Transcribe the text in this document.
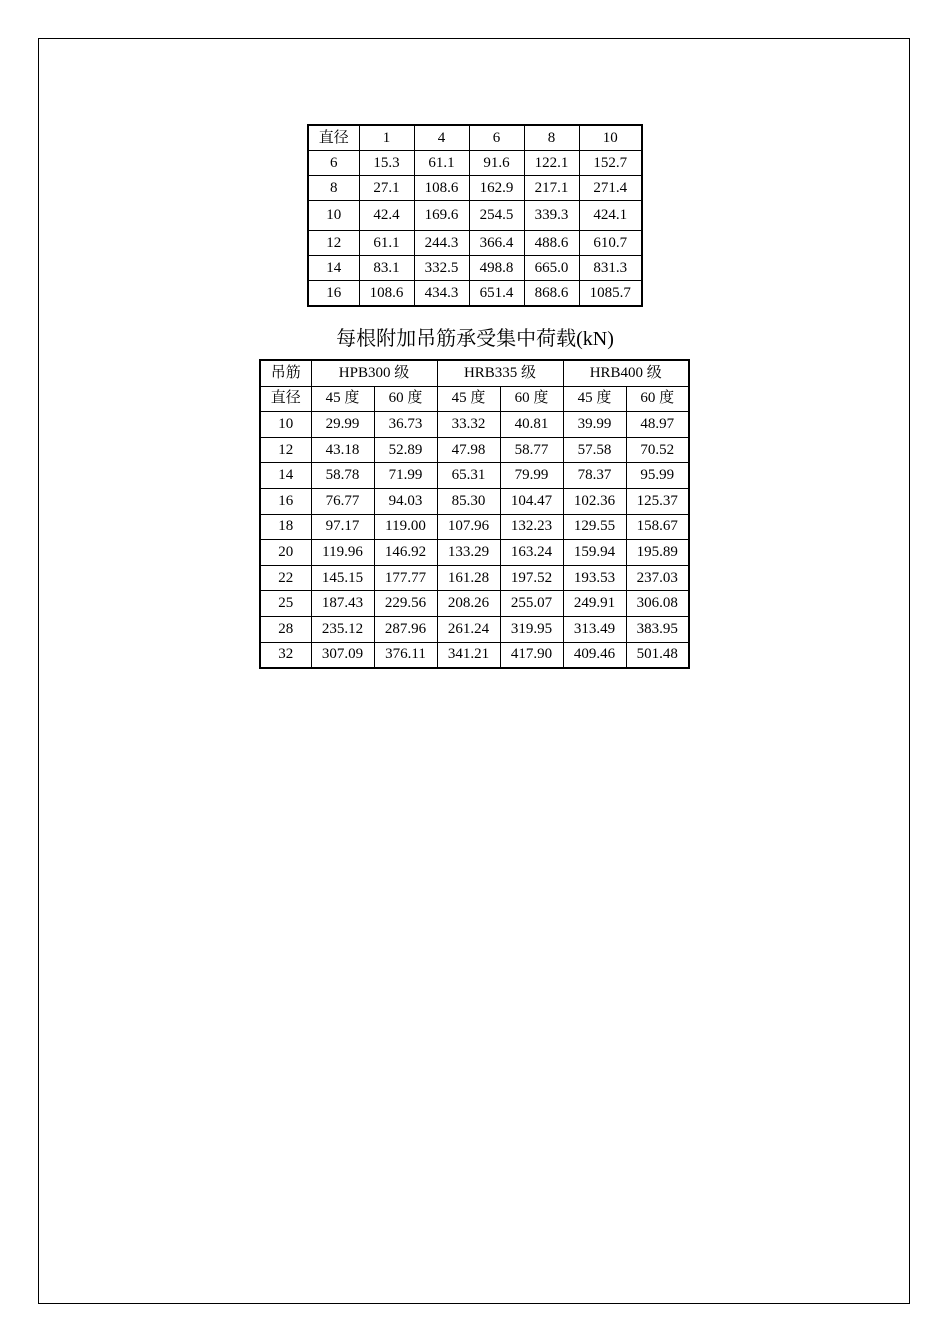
直径	1	4	6	8	10
6	15.3	61.1	91.6	122.1	152.7
8	27.1	108.6	162.9	217.1	271.4
10	42.4	169.6	254.5	339.3	424.1
12	61.1	244.3	366.4	488.6	610.7
14	83.1	332.5	498.8	665.0	831.3
16	108.6	434.3	651.4	868.6	1085.7
每根附加吊筋承受集中荷载(kN)
吊筋	HPB300 级		HRB335 级		HRB400 级	
直径	45 度	60 度	45 度	60 度	45 度	60 度
10	29.99	36.73	33.32	40.81	39.99	48.97
12	43.18	52.89	47.98	58.77	57.58	70.52
14	58.78	71.99	65.31	79.99	78.37	95.99
16	76.77	94.03	85.30	104.47	102.36	125.37
18	97.17	119.00	107.96	132.23	129.55	158.67
20	119.96	146.92	133.29	163.24	159.94	195.89
22	145.15	177.77	161.28	197.52	193.53	237.03
25	187.43	229.56	208.26	255.07	249.91	306.08
28	235.12	287.96	261.24	319.95	313.49	383.95
32	307.09	376.11	341.21	417.90	409.46	501.48
